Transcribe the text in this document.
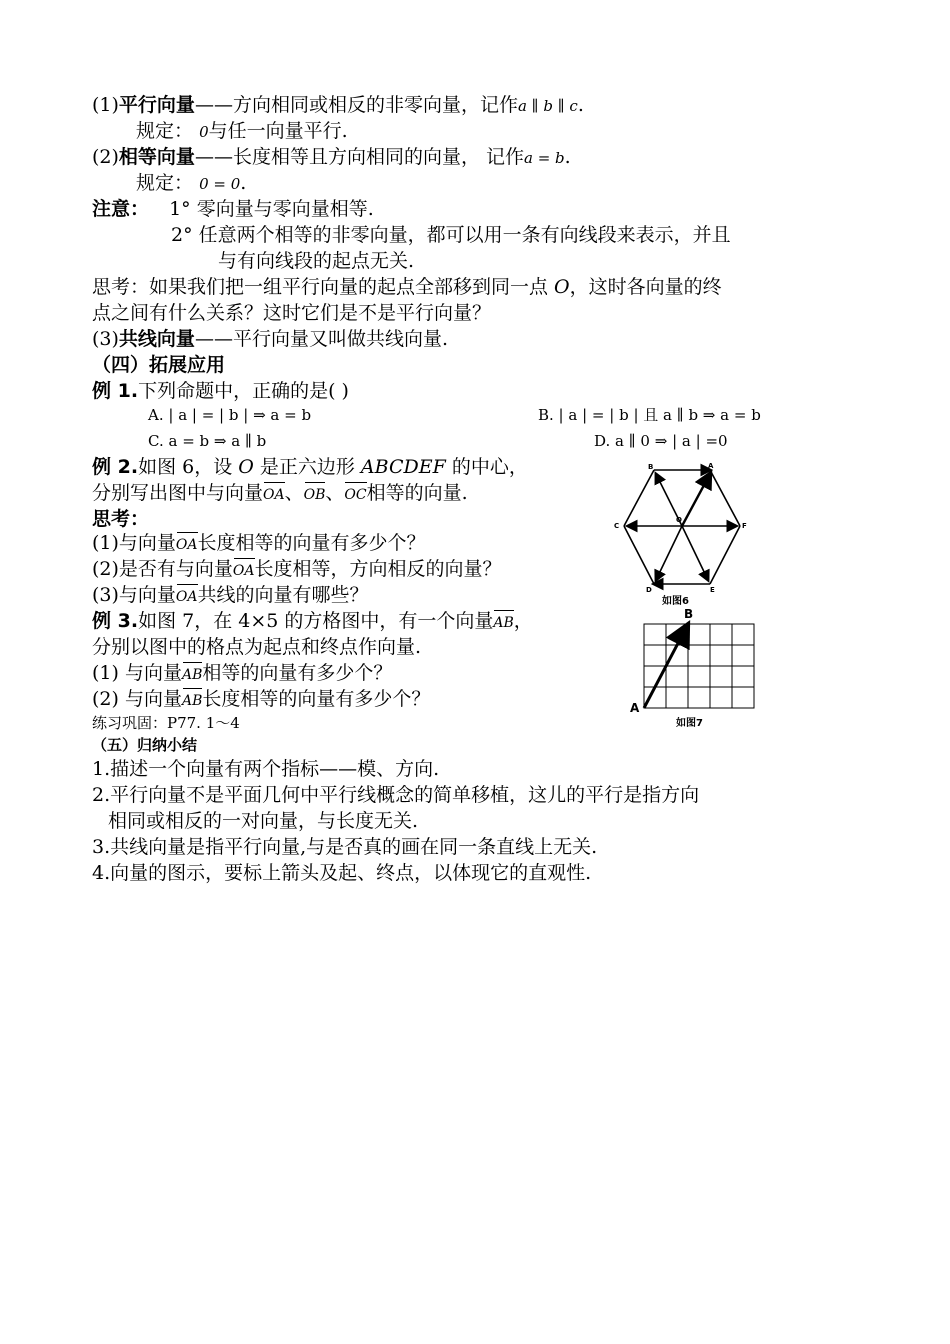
(1)平行向量——方向相同或相反的非零向量，记作a ∥ b ∥ c.
规定： 0与任一向量平行.
(2)相等向量——长度相等且方向相同的向量， 记作a = b.
规定： 0 = 0.
注意： 1° 零向量与零向量相等.
2° 任意两个相等的非零向量，都可以用一条有向线段来表示，并且
与有向线段的起点无关.
思考：如果我们把一组平行向量的起点全部移到同一点 O，这时各向量的终
点之间有什么关系？这时它们是不是平行向量？
(3)共线向量——平行向量又叫做共线向量.
（四）拓展应用
例 1.下列命题中，正确的是( )
A. | a | = | b | ⇒ a = b	B. | a | = | b | 且 a ∥ b ⇒ a = b
C. a = b ⇒ a ∥ b	D. a ∥ 0 ⇒ | a | =0
例 2.如图 6，设 O 是正六边形 ABCDEF 的中心，
分别写出图中与向量OA、OB、OC相等的向量.
思考：
(1)与向量OA长度相等的向量有多少个？
(2)是否有与向量OA长度相等，方向相反的向量？
(3)与向量OA共线的向量有哪些？
例 3.如图 7，在 4×5 的方格图中，有一个向量AB，
分别以图中的格点为起点和终点作向量.
(1) 与向量AB相等的向量有多少个？
(2) 与向量AB长度相等的向量有多少个？
练习巩固：P77. 1～4
（五）归纳小结
1.描述一个向量有两个指标——模、方向.
2.平行向量不是平面几何中平行线概念的简单移植，这儿的平行是指方向
相同或相反的一对向量，与长度无关.
3.共线向量是指平行向量,与是否真的画在同一条直线上无关.
4.向量的图示，要标上箭头及起、终点，以体现它的直观性.
B	A
C	F
O
D	E
如图6
A
B
如图7
